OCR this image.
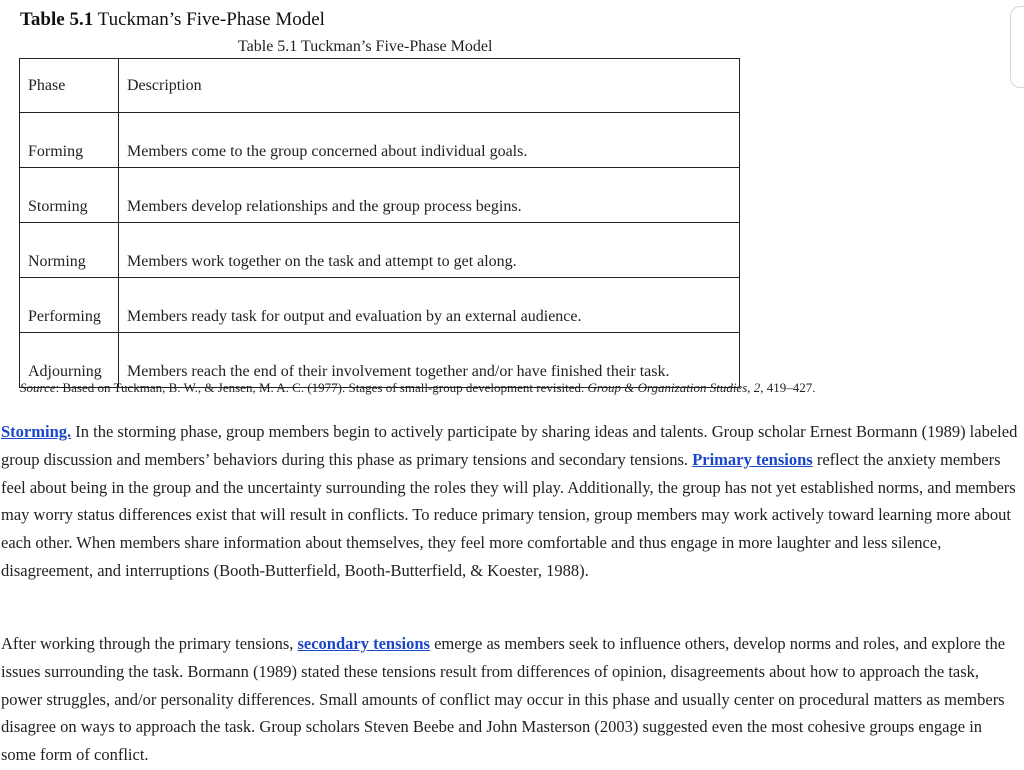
Table 5.1 Tuckman’s Five-Phase Model
Table 5.1 Tuckman’s Five-Phase Model
Phase	Description
Forming	Members come to the group concerned about individual goals.
Storming	Members develop relationships and the group process begins.
Norming	Members work together on the task and attempt to get along.
Performing	Members ready task for output and evaluation by an external audience.
Adjourning	Members reach the end of their involvement together and/or have finished their task.
Source: Based on Tuckman, B. W., & Jensen, M. A. C. (1977). Stages of small-group development revisited. Group & Organization Studies, 2, 419–427.
Storming. In the storming phase, group members begin to actively participate by sharing ideas and talents. Group scholar Ernest Bormann (1989) labeled group discussion and members’ behaviors during this phase as primary tensions and secondary tensions. Primary tensions reflect the anxiety members feel about being in the group and the uncertainty surrounding the roles they will play. Additionally, the group has not yet established norms, and members may worry status differences exist that will result in conflicts. To reduce primary tension, group members may work actively toward learning more about each other. When members share information about themselves, they feel more comfortable and thus engage in more laughter and less silence, disagreement, and interruptions (Booth-Butterfield, Booth-Butterfield, & Koester, 1988).
After working through the primary tensions, secondary tensions emerge as members seek to influence others, develop norms and roles, and explore the issues surrounding the task. Bormann (1989) stated these tensions result from differences of opinion, disagreements about how to approach the task, power struggles, and/or personality differences. Small amounts of conflict may occur in this phase and usually center on procedural matters as members disagree on ways to approach the task. Group scholars Steven Beebe and John Masterson (2003) suggested even the most cohesive groups engage in some form of conflict.
